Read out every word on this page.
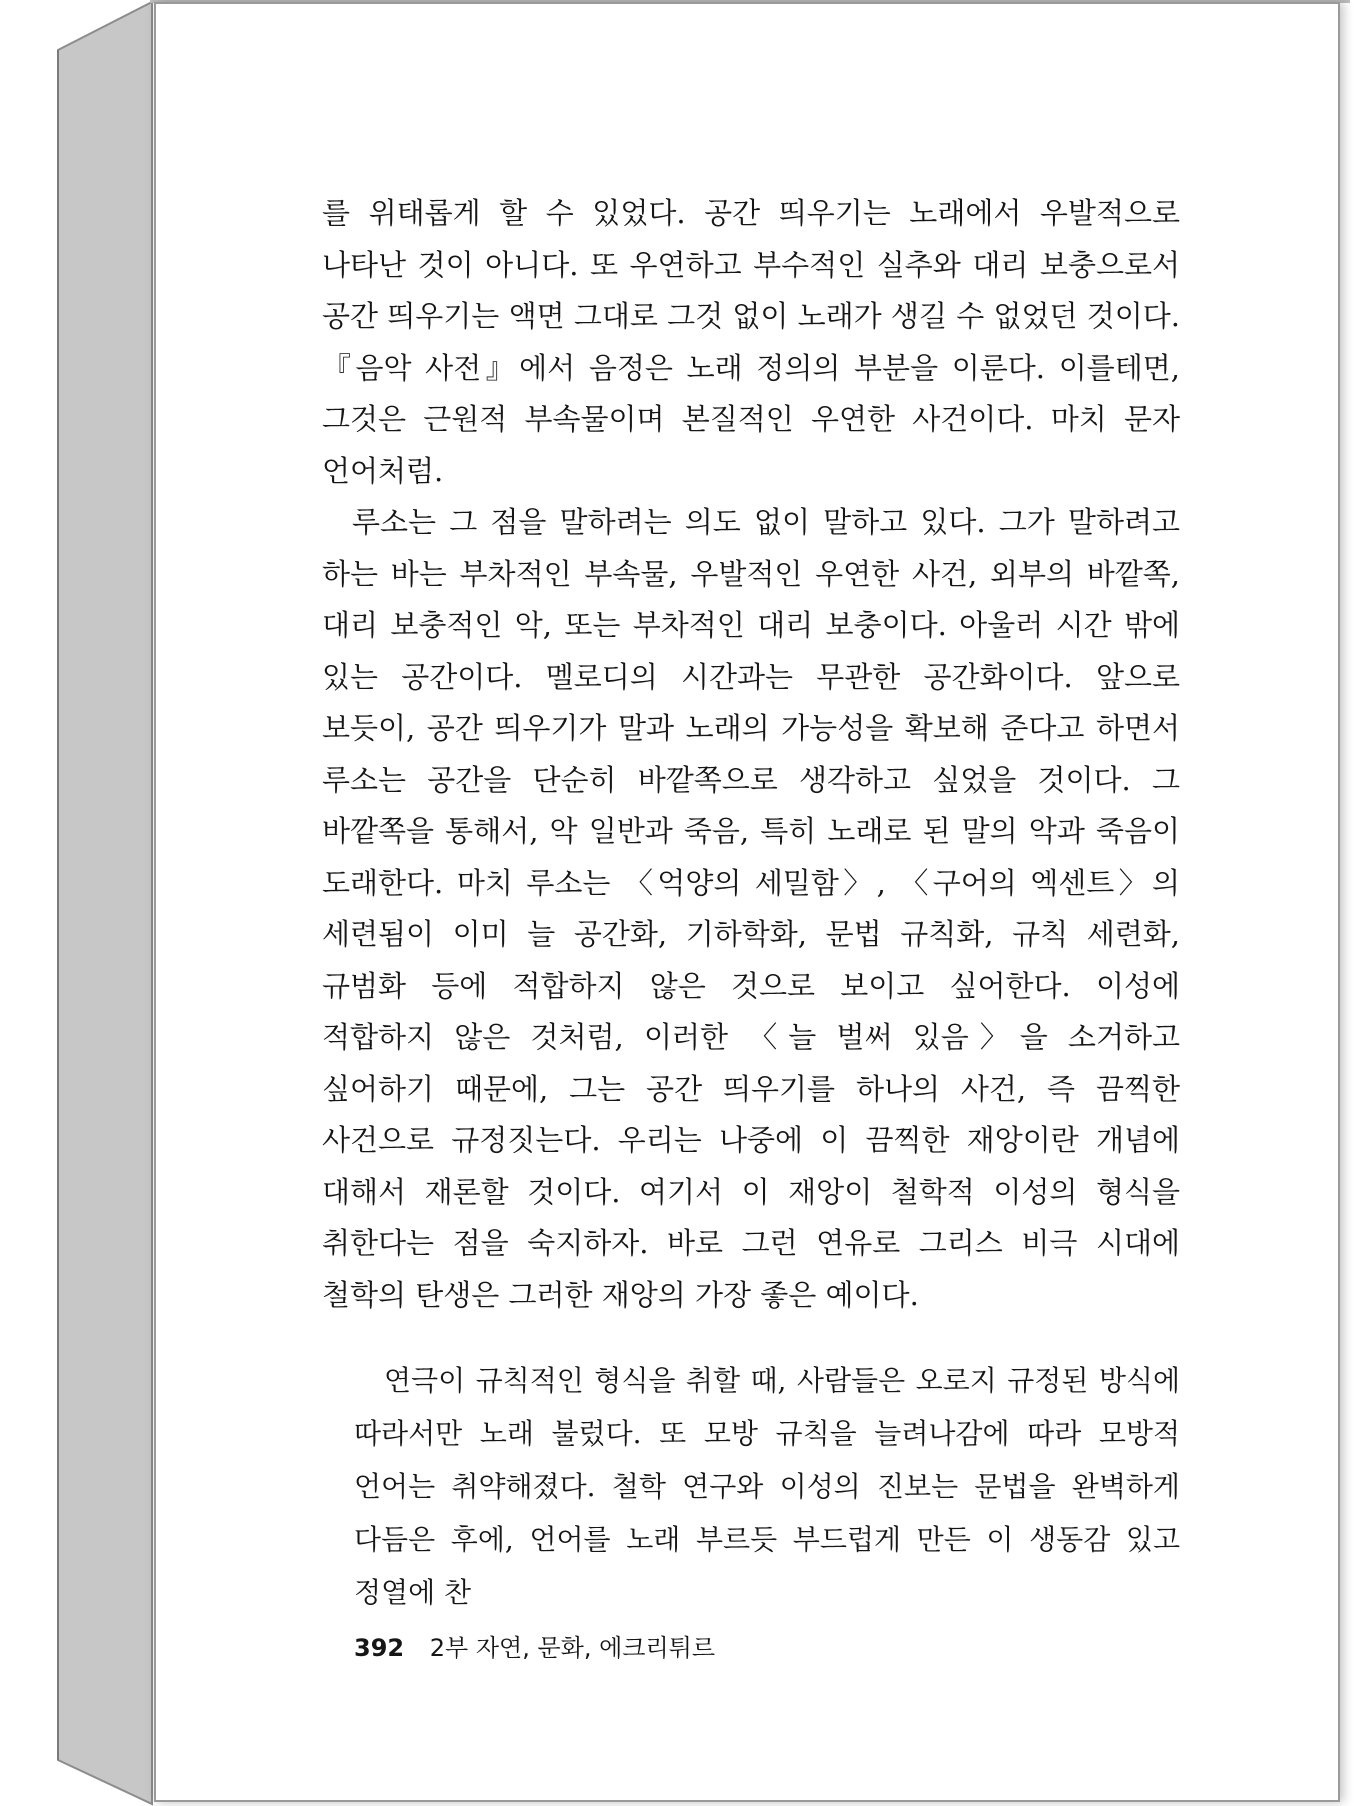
를 위태롭게 할 수 있었다. 공간 띄우기는 노래에서 우발적으로 나타난 것이 아니다. 또 우연하고 부수적인 실추와 대리 보충으로서 공간 띄우기는 액면 그대로 그것 없이 노래가 생길 수 없었던 것이다. 『음악 사전』에서 음정은 노래 정의의 부분을 이룬다. 이를테면, 그것은 근원적 부속물이며 본질적인 우연한 사건이다. 마치 문자 언어처럼.

루소는 그 점을 말하려는 의도 없이 말하고 있다. 그가 말하려고 하는 바는 부차적인 부속물, 우발적인 우연한 사건, 외부의 바깥쪽, 대리 보충적인 악, 또는 부차적인 대리 보충이다. 아울러 시간 밖에 있는 공간이다. 멜로디의 시간과는 무관한 공간화이다. 앞으로 보듯이, 공간 띄우기가 말과 노래의 가능성을 확보해 준다고 하면서 루소는 공간을 단순히 바깥쪽으로 생각하고 싶었을 것이다. 그 바깥쪽을 통해서, 악 일반과 죽음, 특히 노래로 된 말의 악과 죽음이 도래한다. 마치 루소는 〈억양의 세밀함〉, 〈구어의 엑센트〉의 세련됨이 이미 늘 공간화, 기하학화, 문법 규칙화, 규칙 세련화, 규범화 등에 적합하지 않은 것으로 보이고 싶어한다. 이성에 적합하지 않은 것처럼, 이러한 〈늘 벌써 있음〉을 소거하고 싶어하기 때문에, 그는 공간 띄우기를 하나의 사건, 즉 끔찍한 사건으로 규정짓는다. 우리는 나중에 이 끔찍한 재앙이란 개념에 대해서 재론할 것이다. 여기서 이 재앙이 철학적 이성의 형식을 취한다는 점을 숙지하자. 바로 그런 연유로 그리스 비극 시대에 철학의 탄생은 그러한 재앙의 가장 좋은 예이다.

연극이 규칙적인 형식을 취할 때, 사람들은 오로지 규정된 방식에 따라서만 노래 불렀다. 또 모방 규칙을 늘려나감에 따라 모방적 언어는 취약해졌다. 철학 연구와 이성의 진보는 문법을 완벽하게 다듬은 후에, 언어를 노래 부르듯 부드럽게 만든 이 생동감 있고 정열에 찬

392 2부 자연, 문화, 에크리튀르
